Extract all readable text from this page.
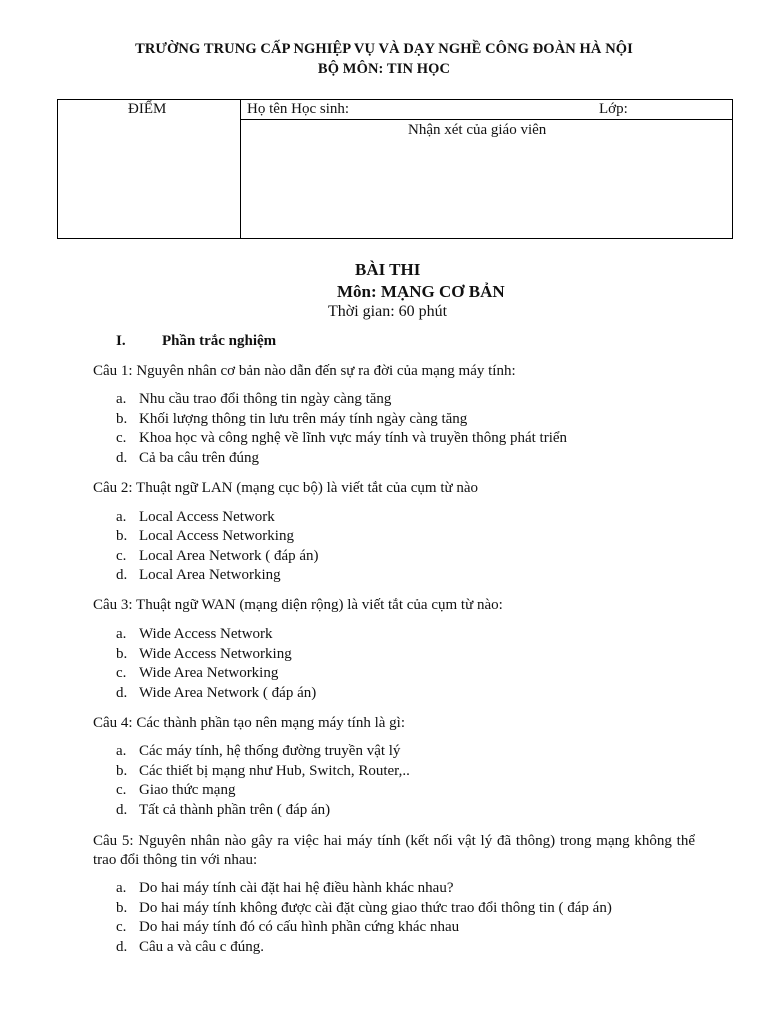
TRƯỜNG TRUNG CẤP NGHIỆP VỤ VÀ DẠY NGHỀ CÔNG ĐOÀN HÀ NỘI
BỘ MÔN: TIN HỌC
ĐIỂM	Họ tên Học sinh:	Lớp:
Nhận xét của giáo viên
BÀI THI
Môn: MẠNG CƠ BẢN
Thời gian: 60 phút
I. Phần trắc nghiệm
Câu 1: Nguyên nhân cơ bản nào dẫn đến sự ra đời của mạng máy tính:
a. Nhu cầu trao đổi thông tin ngày càng tăng
b. Khối lượng thông tin lưu trên máy tính ngày càng tăng
c. Khoa học và công nghệ về lĩnh vực máy tính và truyền thông phát triển
d. Cả ba câu trên đúng
Câu 2: Thuật ngữ LAN (mạng cục bộ) là viết tắt của cụm từ nào
a. Local Access Network
b. Local Access Networking
c. Local Area Network ( đáp án)
d. Local Area Networking
Câu 3: Thuật ngữ WAN (mạng diện rộng) là viết tắt của cụm từ nào:
a. Wide Access Network
b. Wide Access Networking
c. Wide Area Networking
d. Wide Area Network ( đáp án)
Câu 4: Các thành phần tạo nên mạng máy tính là gì:
a. Các máy tính, hệ thống đường truyền vật lý
b. Các thiết bị mạng như Hub, Switch, Router,..
c. Giao thức mạng
d. Tất cả thành phần trên ( đáp án)
Câu 5: Nguyên nhân nào gây ra việc hai máy tính (kết nối vật lý đã thông) trong mạng không thể trao đổi thông tin với nhau:
a. Do hai máy tính cài đặt hai hệ điều hành khác nhau?
b. Do hai máy tính không được cài đặt cùng giao thức trao đổi thông tin ( đáp án)
c. Do hai máy tính đó có cấu hình phần cứng khác nhau
d. Câu a và câu c đúng.
